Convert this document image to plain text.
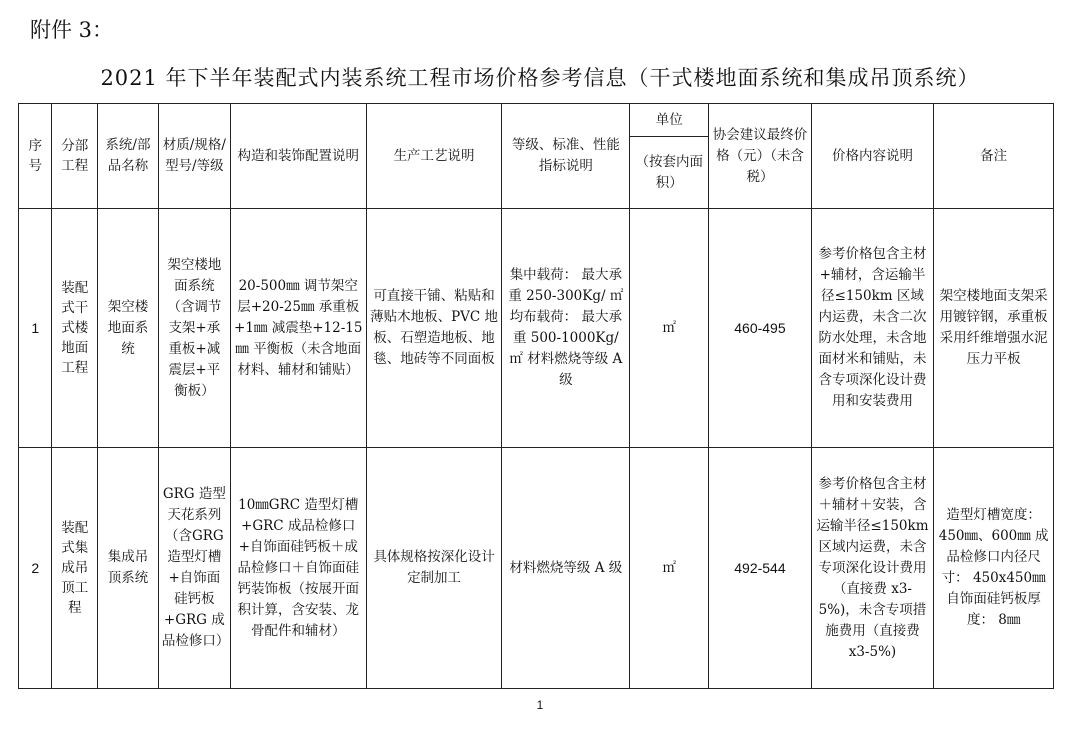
附件 3：
2021 年下半年装配式内装系统工程市场价格参考信息（干式楼地面系统和集成吊顶系统）
序号	分部工程	系统/部品名称	材质/规格/型号/等级	构造和装饰配置说明	生产工艺说明	等级、标准、性能指标说明	单位	协会建议最终价格（元）（未含税）	价格内容说明	备注
							（按套内面积）			
1	装配式干式楼地面工程	架空楼地面系统	架空楼地面系统（含调节支架+承重板+减震层+平衡板）	20-500㎜ 调节架空层+20-25㎜ 承重板+1㎜ 减震垫+12-15㎜ 平衡板（未含地面材料、辅材和铺贴）	可直接干铺、粘贴和薄贴木地板、PVC 地板、石塑造地板、地毯、地砖等不同面板	集中载荷： 最大承重 250-300Kg/ ㎡ 均布载荷： 最大承重 500-1000Kg/ ㎡ 材料燃烧等级 A 级	㎡	460-495	参考价格包含主材+辅材，含运输半径≤150km 区域内运费，未含二次防水处理，未含地面材米和铺贴，未含专项深化设计费用和安装费用	架空楼地面支架采用镀锌钢，承重板采用纤维增强水泥压力平板
2	装配式集成吊顶工程	集成吊顶系统	GRG 造型天花系列（含GRG 造型灯槽+自饰面硅钙板+GRG 成品检修口）	10㎜GRC 造型灯槽+GRC 成品检修口+自饰面硅钙板＋成品检修口＋自饰面硅钙装饰板（按展开面积计算，含安装、龙骨配件和辅材）	具体规格按深化设计定制加工	材料燃烧等级 A 级	㎡	492-544	参考价格包含主材＋辅材＋安装，含运输半径≤150km 区域内运费，未含专项深化设计费用（直接费 x3-5%)，未含专项措施费用（直接费 x3-5%)	造型灯槽宽度： 450㎜、600㎜ 成品检修口内径尺寸： 450x450㎜ 自饰面硅钙板厚度： 8㎜
1
